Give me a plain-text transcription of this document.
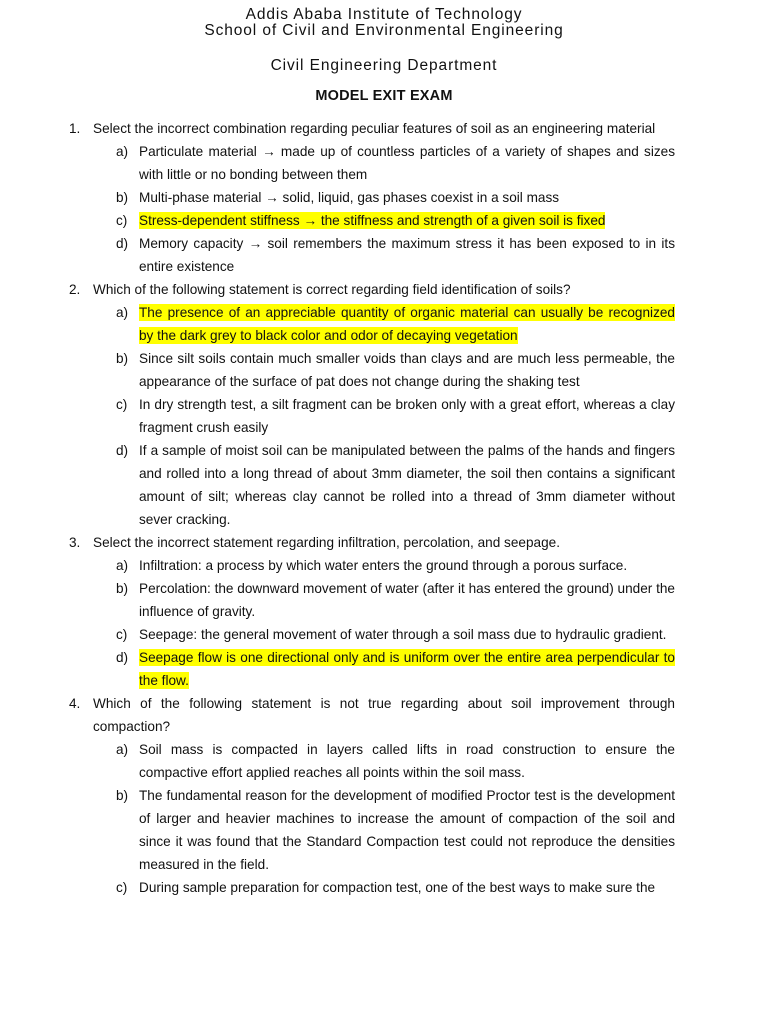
Addis Ababa Institute of Technology
School of Civil and Environmental Engineering
Civil Engineering Department
MODEL EXIT EXAM
1. Select the incorrect combination regarding peculiar features of soil as an engineering material
a) Particulate material → made up of countless particles of a variety of shapes and sizes with little or no bonding between them
b) Multi-phase material → solid, liquid, gas phases coexist in a soil mass
c) Stress-dependent stiffness → the stiffness and strength of a given soil is fixed
d) Memory capacity → soil remembers the maximum stress it has been exposed to in its entire existence
2. Which of the following statement is correct regarding field identification of soils?
a) The presence of an appreciable quantity of organic material can usually be recognized by the dark grey to black color and odor of decaying vegetation
b) Since silt soils contain much smaller voids than clays and are much less permeable, the appearance of the surface of pat does not change during the shaking test
c) In dry strength test, a silt fragment can be broken only with a great effort, whereas a clay fragment crush easily
d) If a sample of moist soil can be manipulated between the palms of the hands and fingers and rolled into a long thread of about 3mm diameter, the soil then contains a significant amount of silt; whereas clay cannot be rolled into a thread of 3mm diameter without sever cracking.
3. Select the incorrect statement regarding infiltration, percolation, and seepage.
a) Infiltration: a process by which water enters the ground through a porous surface.
b) Percolation: the downward movement of water (after it has entered the ground) under the influence of gravity.
c) Seepage: the general movement of water through a soil mass due to hydraulic gradient.
d) Seepage flow is one directional only and is uniform over the entire area perpendicular to the flow.
4. Which of the following statement is not true regarding about soil improvement through compaction?
a) Soil mass is compacted in layers called lifts in road construction to ensure the compactive effort applied reaches all points within the soil mass.
b) The fundamental reason for the development of modified Proctor test is the development of larger and heavier machines to increase the amount of compaction of the soil and since it was found that the Standard Compaction test could not reproduce the densities measured in the field.
c) During sample preparation for compaction test, one of the best ways to make sure the
